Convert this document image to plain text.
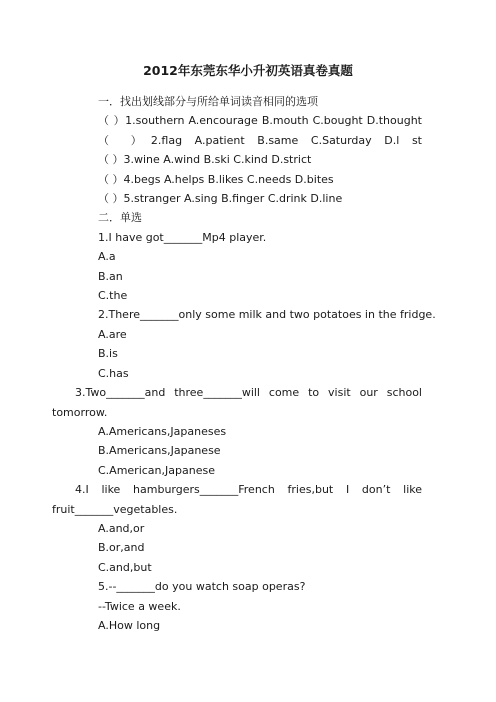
2012年东莞东华小升初英语真卷真题
一．找出划线部分与所给单词读音相同的选项
（ ）1.southern A.encourage B.mouth C.bought D.thought （ ）2.flag A.patient B.same C.Saturday D.l st
（ ）3.wine A.wind B.ski C.kind D.strict
（ ）4.begs A.helps B.likes C.needs D.bites
（ ）5.stranger A.sing B.finger C.drink D.line
二．单选
1.I have got_______Mp4 player.
A.a
B.an
C.the
2.There_______only some milk and two potatoes in the fridge.
A.are
B.is
C.has
3.Two_______and three_______will come to visit our school tomorrow.
A.Americans,Japaneses
B.Americans,Japanese
C.American,Japanese
4.I like hamburgers_______French fries,but I don’t like fruit_______vegetables.
A.and,or
B.or,and
C.and,but
5.--_______do you watch soap operas?
--Twice a week.
A.How long
